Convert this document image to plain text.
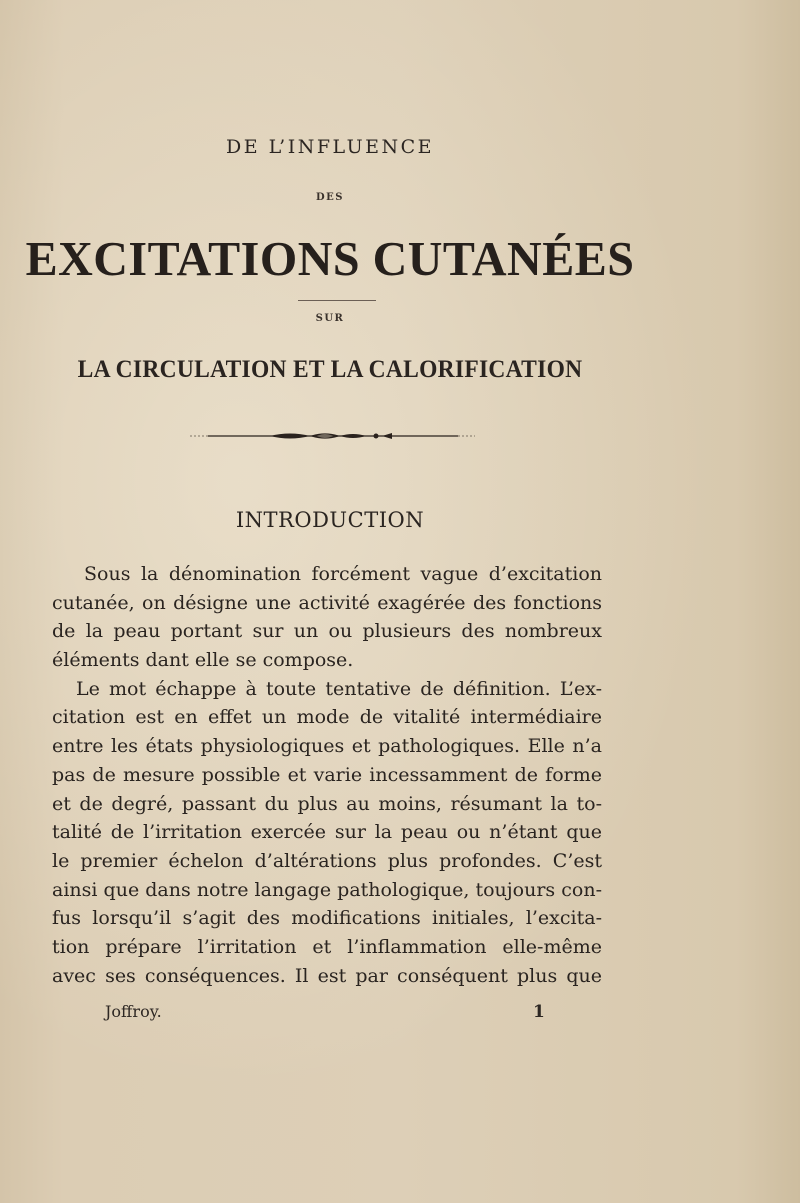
DE L’INFLUENCE
DES
EXCITATIONS CUTANÉES
SUR
LA CIRCULATION ET LA CALORIFICATION
INTRODUCTION
Sous la dénomination forcément vague d’excitation
cutanée, on désigne une activité exagérée des fonctions
de la peau portant sur un ou plusieurs des nombreux
éléments dant elle se compose.
Le mot échappe à toute tentative de définition. L’ex-
citation est en effet un mode de vitalité intermédiaire
entre les états physiologiques et pathologiques. Elle n’a
pas de mesure possible et varie incessamment de forme
et de degré, passant du plus au moins, résumant la to-
talité de l’irritation exercée sur la peau ou n’étant que
le premier échelon d’altérations plus profondes. C’est
ainsi que dans notre langage pathologique, toujours con-
fus lorsqu’il s’agit des modifications initiales, l’excita-
tion prépare l’irritation et l’inflammation elle-même
avec ses conséquences. Il est par conséquent plus que
Joffroy.	1
